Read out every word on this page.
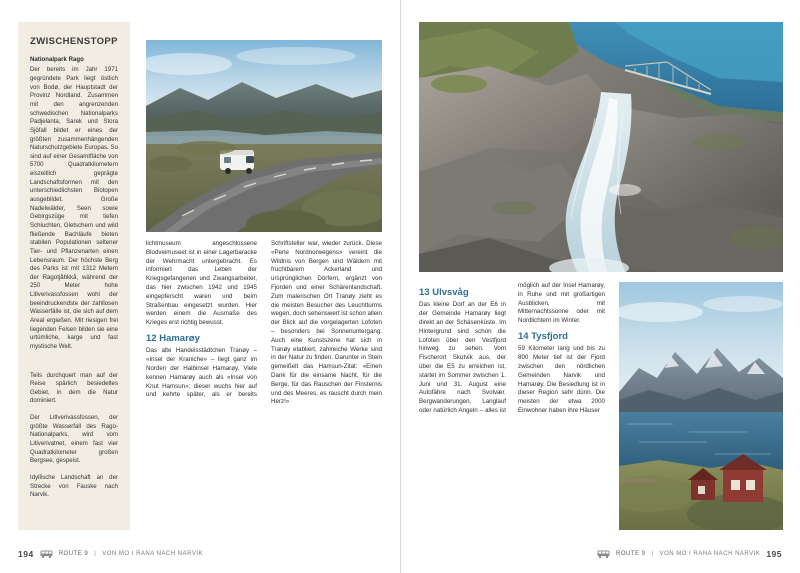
ZWISCHENSTOPP
Nationalpark Rago
Der bereits im Jahr 1971 gegründete Park liegt östlich von Bodø, der Hauptstadt der Provinz Nordland. Zusammen mit den angrenzenden schwedischen Nationalparks Padjelanta, Sarek und Stora Sjöfall bildet er eines der größten zusammenhängenden Naturschutzgebiete Europas. So sind auf einer Gesamtfläche von 5700 Quadratkilometern eiszeitlich geprägte Landschaftsformen mit den unterschiedlichsten Biotopen ausgebildet. Große Nadelwälder, Seen sowie Gebirgszüge mit tiefen Schluchten, Gletschern und wild fließende Bachläufe bieten stabilen Populationen seltener Tier- und Pflanzenarten einen Lebensraum. Der höchste Berg des Parks ist mit 1312 Metern der Ragotjåhkkå, während der 250 Meter hohe Litlverivassfossen wohl der beeindruckendste der zahllosen Wasserfälle ist, die sich auf dem Areal ergießen. Mit riesigen frei liegenden Felsen bilden sie eine urtümliche, karge und fast mystische Welt.
Teils durchquert man auf der Reise spärlich besiedeltes Gebiet, in dem die Natur dominiert.
Der Litlverivassfossen, der größte Wasserfall des Rago-Nationalparks, wird vom Litlverivatnet, einem fast vier Quadratkilometer großen Bergsee, gespeist.
Idyllische Landschaft an der Strecke von Fauske nach Narvik.

lichtmuseum angeschlossene Blodveimuseet ist in einer Lagerbaracke der Wehrmacht untergebracht. Es informiert das Leben der Kriegsgefangenen und Zwangsarbeiter, das hier zwischen 1942 und 1945 eingepferscht waren und beim Straßenbau eingesetzt wurden. Hier werden einem die Ausmaße des Krieges erst richtig bewusst.

12 Hamarøy

Das alte Handelsstädtchen Tranøy – «Insel der Kraniche» – liegt ganz im Norden der Halbinsel Hamarøy. Viele kennen Hamarøy auch als «Insel von Knut Hamsun»; dieser wuchs hier auf und kehrte später, als er bereits Schriftsteller war, wieder zurück. Diese «Perle Nordnorwegens» vereint die Wildnis von Bergen und Wäldern mit fruchtbarem Ackerland und ursprünglichen Dörfern, ergänzt von Fjorden und einer Schärenlandschaft. Zum malerischen Ort Tranøy zieht es die meisten Besucher des Leuchtturms wegen, doch sehenswert ist schon allein der Blick auf die vorgelagerten Lofoten – besonders bei Sonnenuntergang. Auch eine Kunstszene hat sich in Tranøy etabliert, zahlreiche Werke sind in der Natur zu finden. Darunter in Stein gemeißelt das Hamsun-Zitat: «Einen Dank für die einsame Nacht, für die Berge, für das Rauschen der Finsternis und des Meeres, es rauscht durch mein Herz!»

194	ROUTE 9 | VON MO I RANA NACH NARVIK
13 Ulvsvåg

Das kleine Dorf an der E6 in der Gemeinde Hamarøy liegt direkt an der Schäsenküste. Im Hintergrund sind schon die Lofoten über den Vestfjord hinweg zu sehen. Vom Fischerort Skutvik aus, der über die E5 zu erreichen ist, startet im Sommer zwischen 1. Juni und 31. August eine Autofähre nach Svolvær. Bergwanderungen, Langlauf oder natürlich Angeln – alles ist möglich auf der Insel Hamarøy, in Ruhe und mit großartigen Ausblicken, mit Mitternachtssonne oder mit Nordlichtern im Winter.

14 Tysfjord

59 Kilometer lang und bis zu 800 Meter tief ist der Fjord zwischen den nördlichen Gemeinden Narvik und Hamarøy. Die Besiedlung ist in dieser Region sehr dünn. Die meisten der etwa 2000 Einwohner haben ihre Häuser

ROUTE 9 | VON MO I RANA NACH NARVIK 195
